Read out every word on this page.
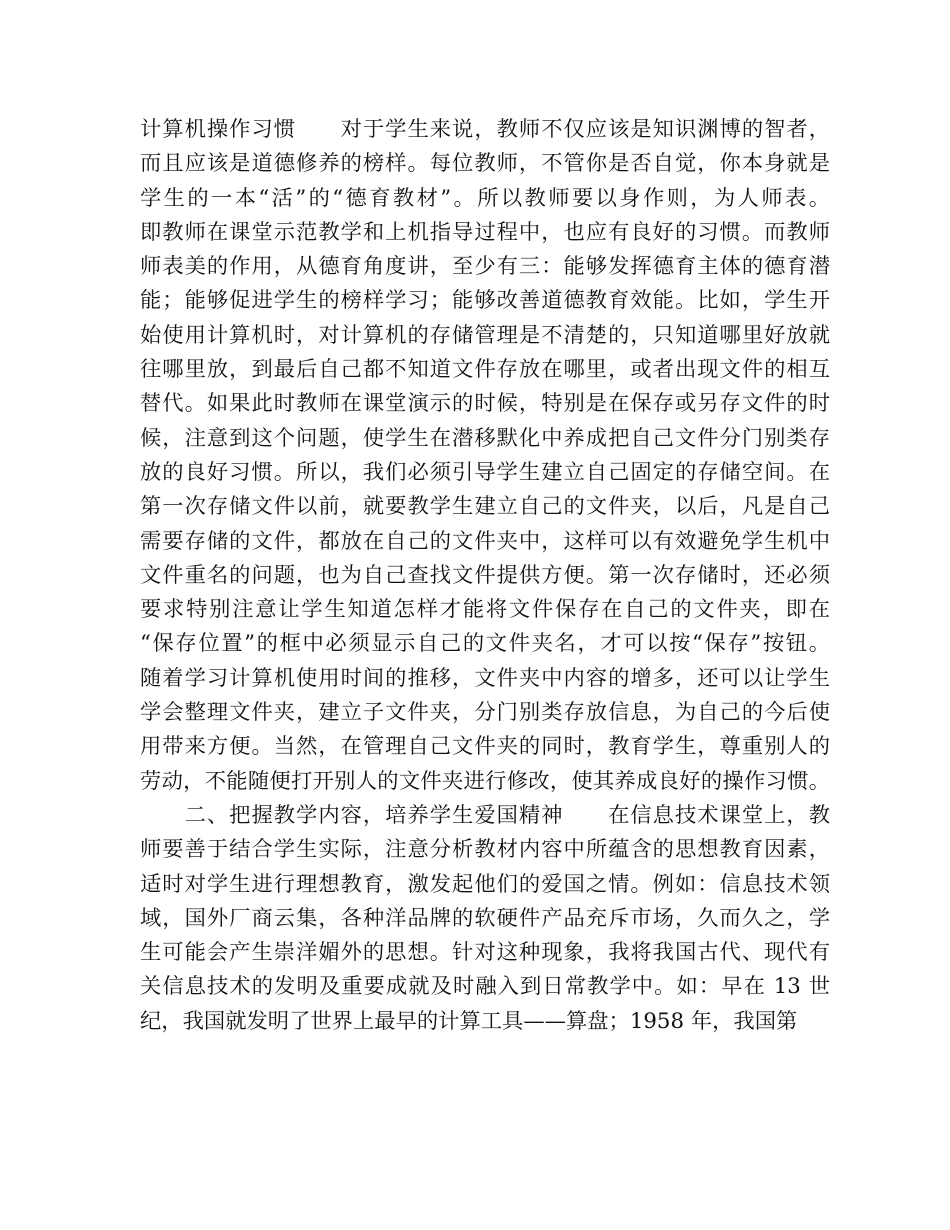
计算机操作习惯　　对于学生来说，教师不仅应该是知识渊博的智者，
而且应该是道德修养的榜样。每位教师，不管你是否自觉，你本身就是
学生的一本“活”的“德育教材”。所以教师要以身作则，为人师表。
即教师在课堂示范教学和上机指导过程中，也应有良好的习惯。而教师
师表美的作用，从德育角度讲，至少有三：能够发挥德育主体的德育潜
能；能够促进学生的榜样学习；能够改善道德教育效能。比如，学生开
始使用计算机时，对计算机的存储管理是不清楚的，只知道哪里好放就
往哪里放，到最后自己都不知道文件存放在哪里，或者出现文件的相互
替代。如果此时教师在课堂演示的时候，特别是在保存或另存文件的时
候，注意到这个问题，使学生在潜移默化中养成把自己文件分门别类存
放的良好习惯。所以，我们必须引导学生建立自己固定的存储空间。在
第一次存储文件以前，就要教学生建立自己的文件夹，以后，凡是自己
需要存储的文件，都放在自己的文件夹中，这样可以有效避免学生机中
文件重名的问题，也为自己查找文件提供方便。第一次存储时，还必须
要求特别注意让学生知道怎样才能将文件保存在自己的文件夹，即在
“保存位置”的框中必须显示自己的文件夹名，才可以按“保存”按钮。
随着学习计算机使用时间的推移，文件夹中内容的增多，还可以让学生
学会整理文件夹，建立子文件夹，分门别类存放信息，为自己的今后使
用带来方便。当然，在管理自己文件夹的同时，教育学生，尊重别人的
劳动，不能随便打开别人的文件夹进行修改，使其养成良好的操作习惯。
　　二、把握教学内容，培养学生爱国精神　　在信息技术课堂上，教
师要善于结合学生实际，注意分析教材内容中所蕴含的思想教育因素，
适时对学生进行理想教育，激发起他们的爱国之情。例如：信息技术领
域，国外厂商云集，各种洋品牌的软硬件产品充斥市场，久而久之，学
生可能会产生崇洋媚外的思想。针对这种现象，我将我国古代、现代有
关信息技术的发明及重要成就及时融入到日常教学中。如：早在 13 世
纪，我国就发明了世界上最早的计算工具——算盘；1958 年，我国第
